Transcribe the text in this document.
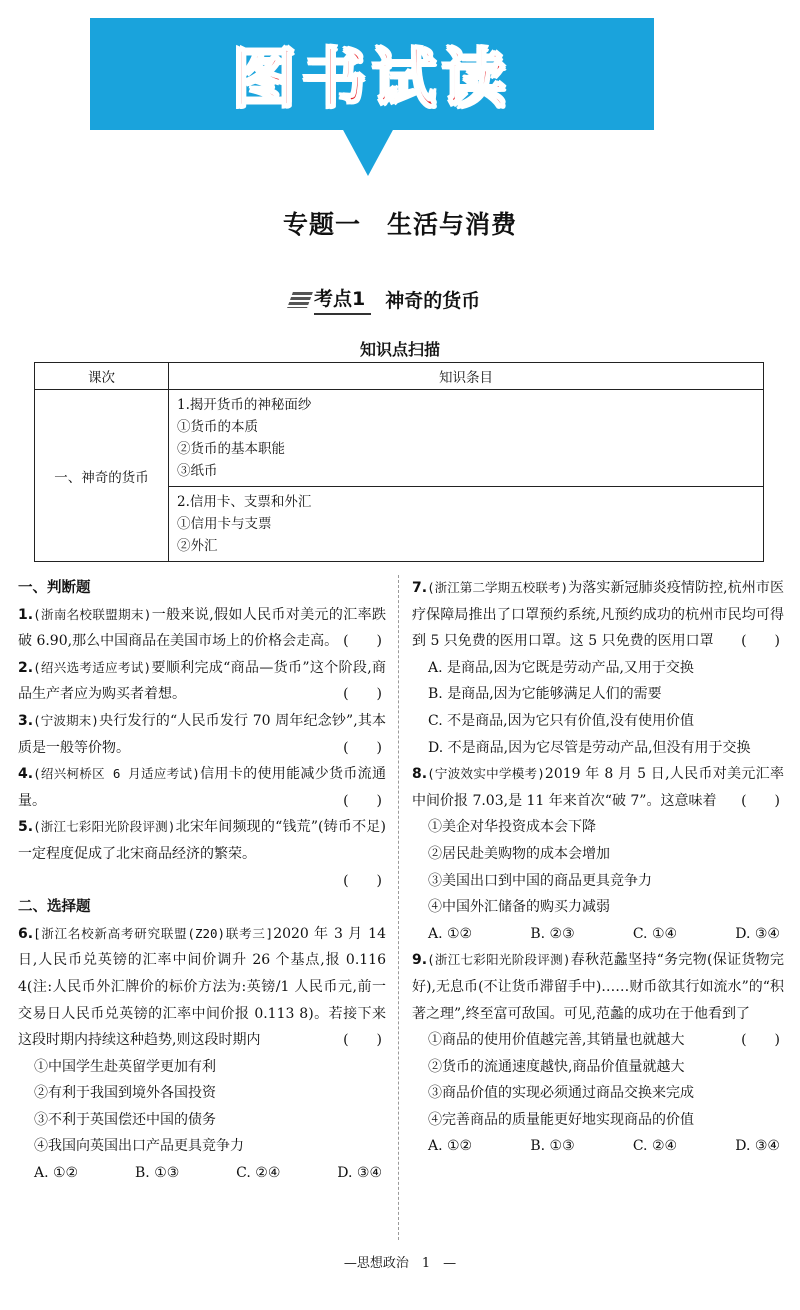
图书试读
专题一　生活与消费
考点1	神奇的货币
知识点扫描
课次	知识条目
一、神奇的货币	1.揭开货币的神秘面纱
①货币的本质
②货币的基本职能
③纸币

	2.信用卡、支票和外汇
①信用卡与支票
②外汇
一、判断题
1.(浙南名校联盟期末)一般来说,假如人民币对美元的汇率跌破 6.90,那么中国商品在美国市场上的价格会走高。 (　　)
2.(绍兴选考适应考试)要顺利完成“商品—货币”这个阶段,商品生产者应为购买者着想。	(　　)
3.(宁波期末)央行发行的“人民币发行 70 周年纪念钞”,其本质是一般等价物。	(　　)
4.(绍兴柯桥区 6 月适应考试)信用卡的使用能减少货币流通量。	(　　)
5.(浙江七彩阳光阶段评测)北宋年间频现的“钱荒”(铸币不足)一定程度促成了北宋商品经济的繁荣。
(　　)
二、选择题
6.[浙江名校新高考研究联盟(Z20)联考三]2020 年 3 月 14 日,人民币兑英镑的汇率中间价调升 26 个基点,报 0.116 4(注:人民币外汇牌价的标价方法为:英镑/1 人民币元,前一交易日人民币兑英镑的汇率中间价报 0.113 8)。若接下来这段时期内持续这种趋势,则这段时期内	(　　)
①中国学生赴英留学更加有利
②有利于我国到境外各国投资
③不利于英国偿还中国的债务
④我国向英国出口产品更具竞争力
A. ①②	B. ①③	C. ②④	D. ③④
7.(浙江第二学期五校联考)为落实新冠肺炎疫情防控,杭州市医疗保障局推出了口罩预约系统,凡预约成功的杭州市民均可得到 5 只免费的医用口罩。这 5 只免费的医用口罩 (　　)
A. 是商品,因为它既是劳动产品,又用于交换
B. 是商品,因为它能够满足人们的需要
C. 不是商品,因为它只有价值,没有使用价值
D. 不是商品,因为它尽管是劳动产品,但没有用于交换
8.(宁波效实中学模考)2019 年 8 月 5 日,人民币对美元汇率中间价报 7.03,是 11 年来首次“破 7”。这意味着 (　　)
①美企对华投资成本会下降
②居民赴美购物的成本会增加
③美国出口到中国的商品更具竞争力
④中国外汇储备的购买力减弱
A. ①②	B. ②③	C. ①④	D. ③④
9.(浙江七彩阳光阶段评测)春秋范蠡坚持“务完物(保证货物完好),无息币(不让货币滞留手中)……财币欲其行如流水”的“积著之理”,终至富可敌国。可见,范蠡的成功在于他看到了
(　　)
①商品的使用价值越完善,其销量也就越大
②货币的流通速度越快,商品价值量就越大
③商品价值的实现必须通过商品交换来完成
④完善商品的质量能更好地实现商品的价值
A. ①②	B. ①③	C. ②④	D. ③④
—思想政治　1　—
